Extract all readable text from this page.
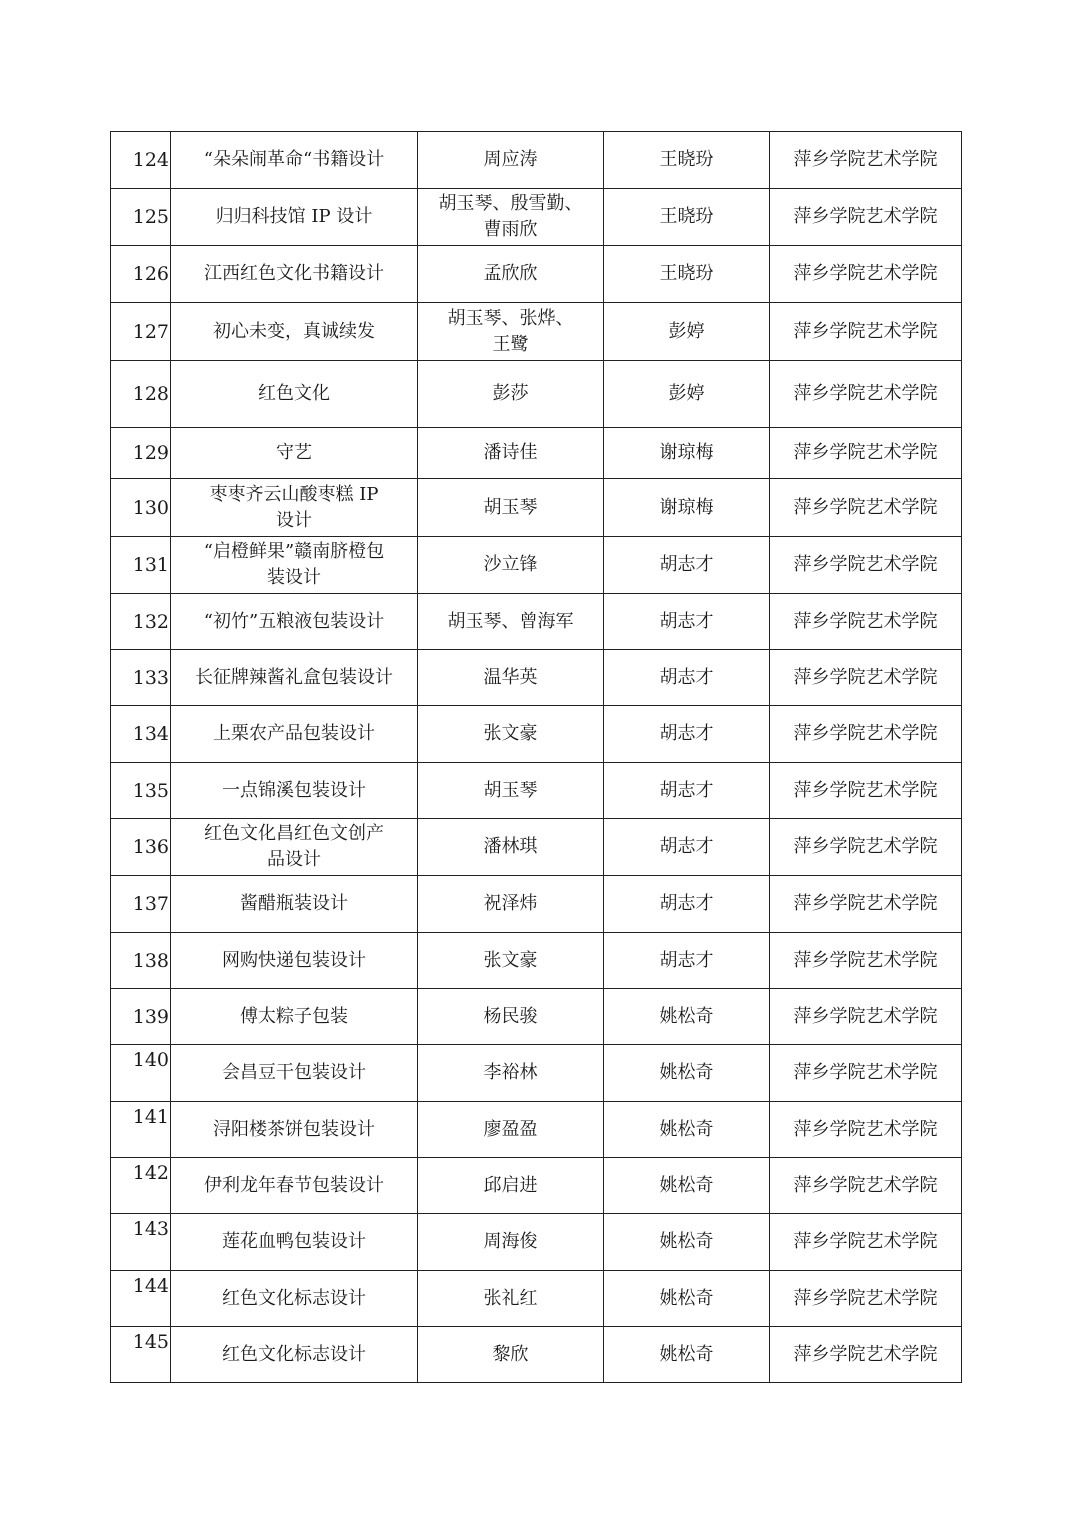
124	“朵朵闹革命“书籍设计	周应涛	王晓玢	萍乡学院艺术学院
125	归归科技馆 IP 设计	胡玉琴、殷雪勤、曹雨欣	王晓玢	萍乡学院艺术学院
126	江西红色文化书籍设计	孟欣欣	王晓玢	萍乡学院艺术学院
127	初心未变，真诚续发	胡玉琴、张烨、王鹭	彭婷	萍乡学院艺术学院
128	红色文化	彭莎	彭婷	萍乡学院艺术学院
129	守艺	潘诗佳	谢琼梅	萍乡学院艺术学院
130	枣枣齐云山酸枣糕 IP 设计	胡玉琴	谢琼梅	萍乡学院艺术学院
131	“启橙鲜果”赣南脐橙包装设计	沙立锋	胡志才	萍乡学院艺术学院
132	“初竹”五粮液包装设计	胡玉琴、曾海军	胡志才	萍乡学院艺术学院
133	长征牌辣酱礼盒包装设计	温华英	胡志才	萍乡学院艺术学院
134	上栗农产品包装设计	张文豪	胡志才	萍乡学院艺术学院
135	一点锦溪包装设计	胡玉琴	胡志才	萍乡学院艺术学院
136	红色文化昌红色文创产品设计	潘林琪	胡志才	萍乡学院艺术学院
137	酱醋瓶装设计	祝泽炜	胡志才	萍乡学院艺术学院
138	网购快递包装设计	张文豪	胡志才	萍乡学院艺术学院
139	傅太粽子包装	杨民骏	姚松奇	萍乡学院艺术学院
140	会昌豆干包装设计	李裕林	姚松奇	萍乡学院艺术学院
141	浔阳楼茶饼包装设计	廖盈盈	姚松奇	萍乡学院艺术学院
142	伊利龙年春节包装设计	邱启进	姚松奇	萍乡学院艺术学院
143	莲花血鸭包装设计	周海俊	姚松奇	萍乡学院艺术学院
144	红色文化标志设计	张礼红	姚松奇	萍乡学院艺术学院
145	红色文化标志设计	黎欣	姚松奇	萍乡学院艺术学院
